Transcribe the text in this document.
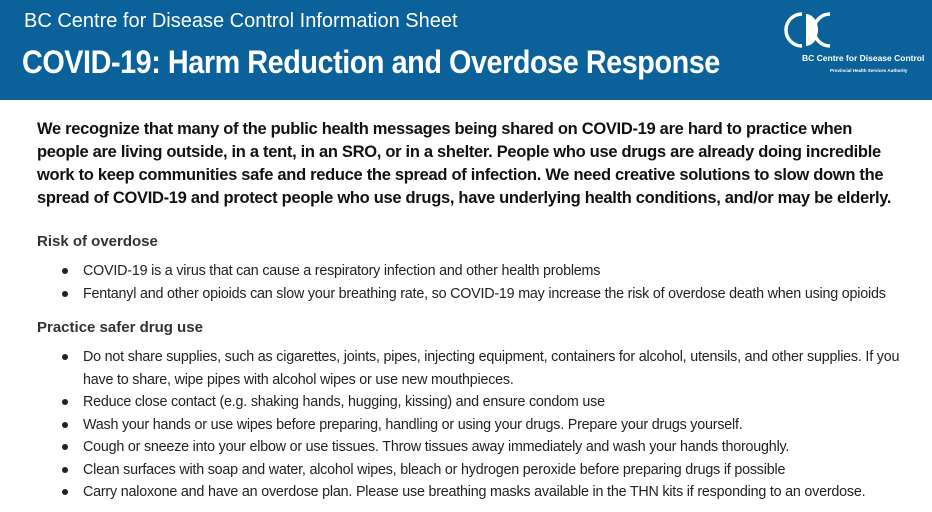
BC Centre for Disease Control Information Sheet
COVID-19: Harm Reduction and Overdose Response	BC Centre for Disease Control
Provincial Health Services Authority

We recognize that many of the public health messages being shared on COVID-19 are hard to practice when people are living outside, in a tent, in an SRO, or in a shelter. People who use drugs are already doing incredible work to keep communities safe and reduce the spread of infection. We need creative solutions to slow down the spread of COVID-19 and protect people who use drugs, have underlying health conditions, and/or may be elderly.

Risk of overdose
COVID-19 is a virus that can cause a respiratory infection and other health problems
Fentanyl and other opioids can slow your breathing rate, so COVID-19 may increase the risk of overdose death when using opioids
Practice safer drug use
Do not share supplies, such as cigarettes, joints, pipes, injecting equipment, containers for alcohol, utensils, and other supplies. If you have to share, wipe pipes with alcohol wipes or use new mouthpieces.
Reduce close contact (e.g. shaking hands, hugging, kissing) and ensure condom use
Wash your hands or use wipes before preparing, handling or using your drugs. Prepare your drugs yourself.
Cough or sneeze into your elbow or use tissues. Throw tissues away immediately and wash your hands thoroughly.
Clean surfaces with soap and water, alcohol wipes, bleach or hydrogen peroxide before preparing drugs if possible
Carry naloxone and have an overdose plan. Please use breathing masks available in the THN kits if responding to an overdose.
